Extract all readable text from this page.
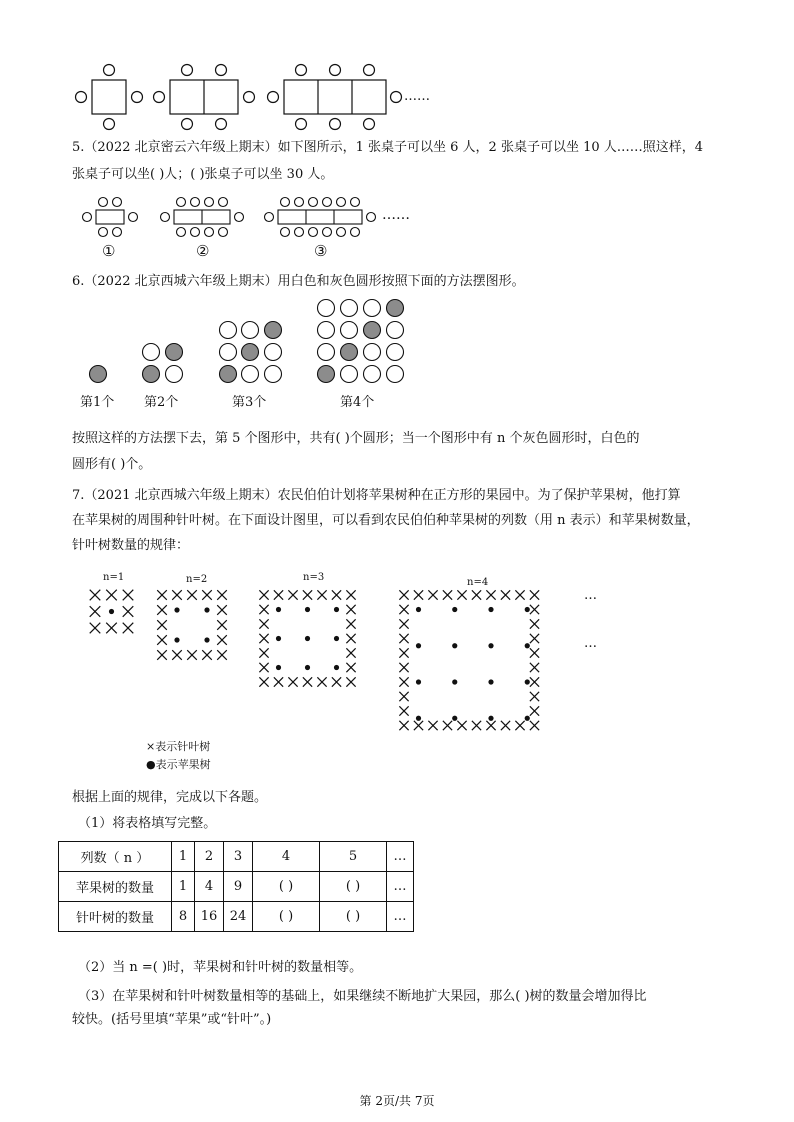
……
5.（2022 北京密云六年级上期末）如下图所示，1 张桌子可以坐 6 人，2 张桌子可以坐 10 人……照这样，4
张桌子可以坐( )人；( )张桌子可以坐 30 人。
……
①	②	③
6.（2022 北京西城六年级上期末）用白色和灰色圆形按照下面的方法摆图形。
第1个 第2个	第3个	第4个
按照这样的方法摆下去，第 5 个图形中，共有( )个圆形；当一个图形中有 n 个灰色圆形时，白色的
圆形有( )个。
7.（2021 北京西城六年级上期末）农民伯伯计划将苹果树种在正方形的果园中。为了保护苹果树，他打算
在苹果树的周围种针叶树。在下面设计图里，可以看到农民伯伯种苹果树的列数（用 n 表示）和苹果树数量，
针叶树数量的规律：
n=1	n=2	n=3	n=4
…
…
×表示针叶树
●表示苹果树
根据上面的规律，完成以下各题。
（1）将表格填写完整。
列数（ n ）	1	2	3	4	5	…
苹果树的数量	1	4	9	( )	( )	…
针叶树的数量	8	16	24	( )	( )	…
（2）当 n =( )时，苹果树和针叶树的数量相等。
（3）在苹果树和针叶树数量相等的基础上，如果继续不断地扩大果园，那么( )树的数量会增加得比
较快。(括号里填“苹果”或“针叶”。)
第 2页/共 7页
